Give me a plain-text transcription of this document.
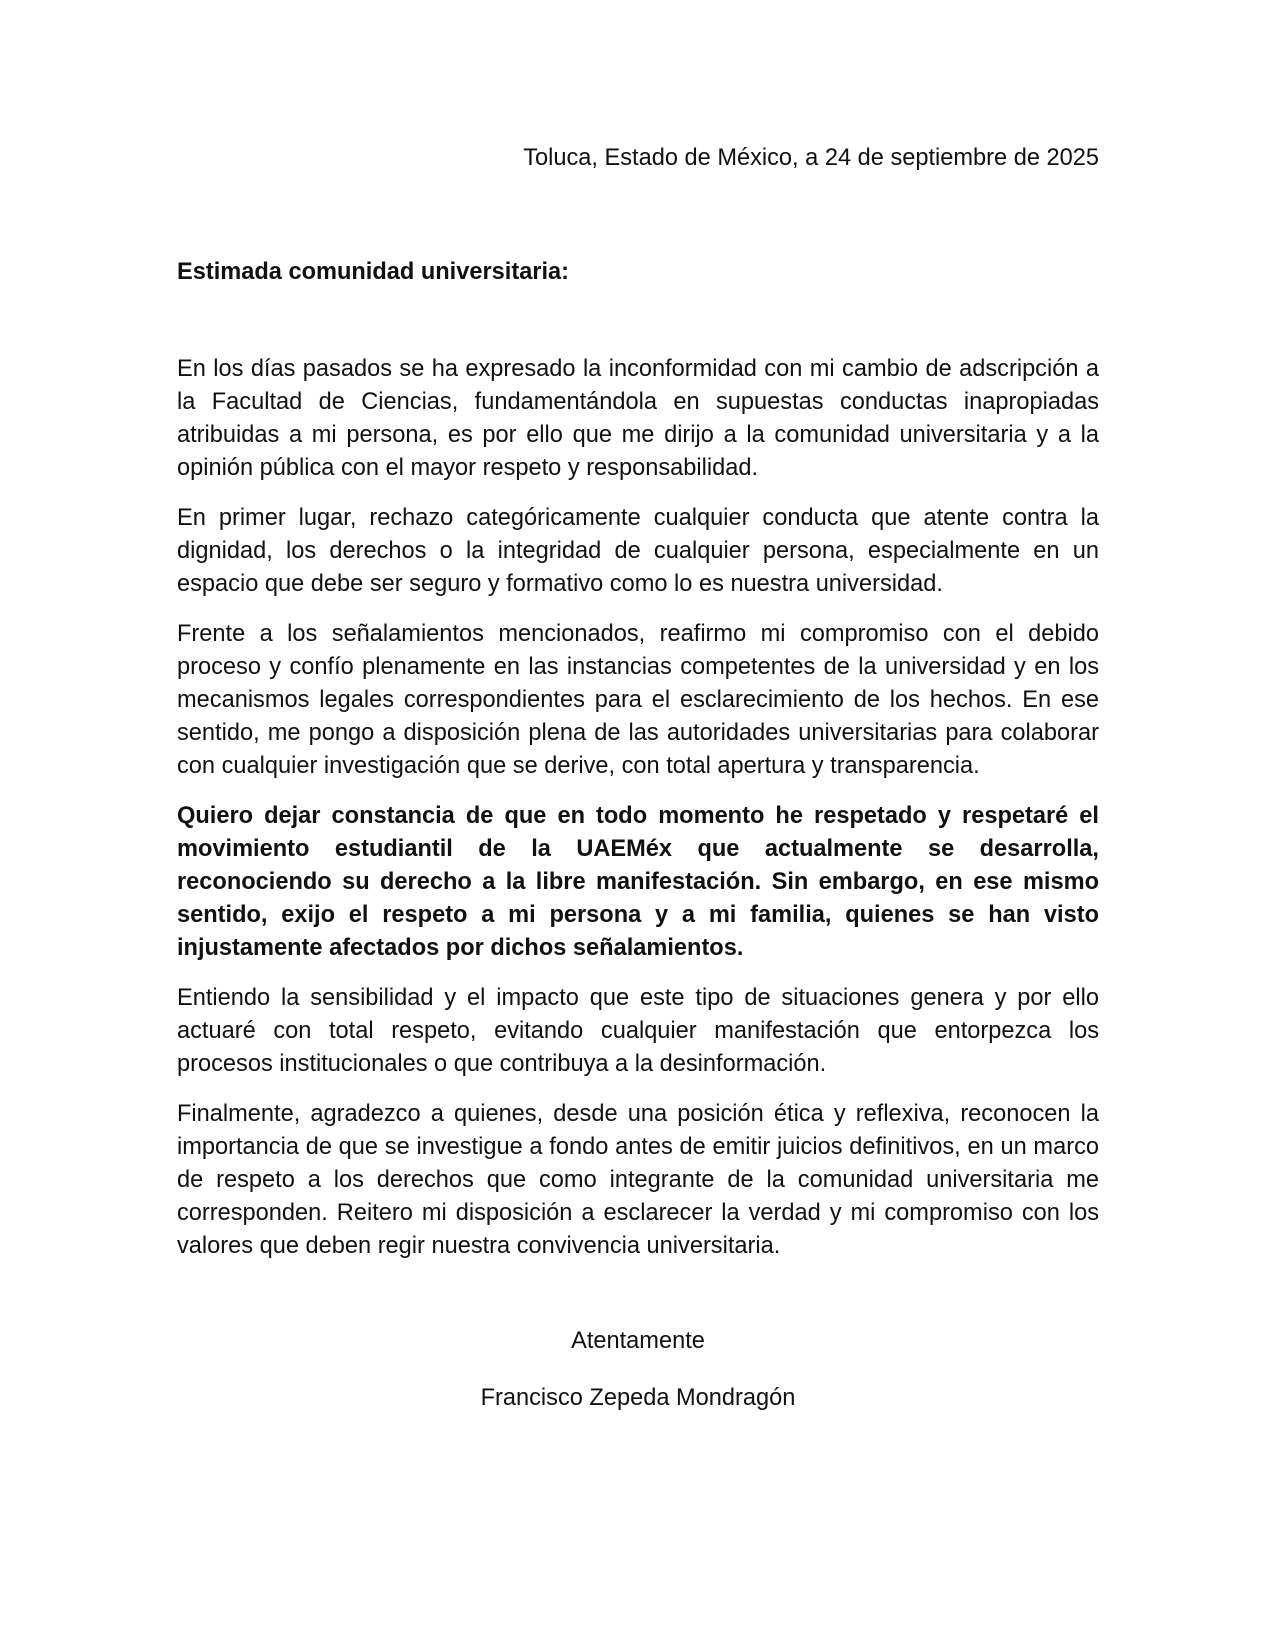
Toluca, Estado de México, a 24 de septiembre de 2025

Estimada comunidad universitaria:

En los días pasados se ha expresado la inconformidad con mi cambio de adscripción a la Facultad de Ciencias, fundamentándola en supuestas conductas inapropiadas atribuidas a mi persona, es por ello que me dirijo a la comunidad universitaria y a la opinión pública con el mayor respeto y responsabilidad.

En primer lugar, rechazo categóricamente cualquier conducta que atente contra la dignidad, los derechos o la integridad de cualquier persona, especialmente en un espacio que debe ser seguro y formativo como lo es nuestra universidad.

Frente a los señalamientos mencionados, reafirmo mi compromiso con el debido proceso y confío plenamente en las instancias competentes de la universidad y en los mecanismos legales correspondientes para el esclarecimiento de los hechos. En ese sentido, me pongo a disposición plena de las autoridades universitarias para colaborar con cualquier investigación que se derive, con total apertura y transparencia.

Quiero dejar constancia de que en todo momento he respetado y respetaré el movimiento estudiantil de la UAEMéx que actualmente se desarrolla, reconociendo su derecho a la libre manifestación. Sin embargo, en ese mismo sentido, exijo el respeto a mi persona y a mi familia, quienes se han visto injustamente afectados por dichos señalamientos.

Entiendo la sensibilidad y el impacto que este tipo de situaciones genera y por ello actuaré con total respeto, evitando cualquier manifestación que entorpezca los procesos institucionales o que contribuya a la desinformación.

Finalmente, agradezco a quienes, desde una posición ética y reflexiva, reconocen la importancia de que se investigue a fondo antes de emitir juicios definitivos, en un marco de respeto a los derechos que como integrante de la comunidad universitaria me corresponden. Reitero mi disposición a esclarecer la verdad y mi compromiso con los valores que deben regir nuestra convivencia universitaria.

Atentamente

Francisco Zepeda Mondragón
